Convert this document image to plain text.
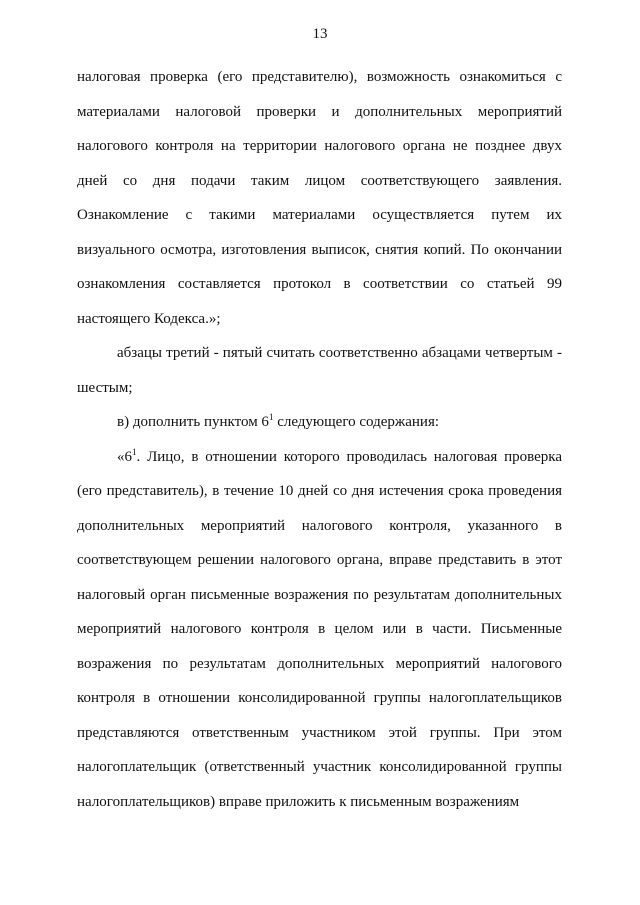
13

налоговая проверка (его представителю), возможность ознакомиться с материалами налоговой проверки и дополнительных мероприятий налогового контроля на территории налогового органа не позднее двух дней со дня подачи таким лицом соответствующего заявления. Ознакомление с такими материалами осуществляется путем их визуального осмотра, изготовления выписок, снятия копий. По окончании ознакомления составляется протокол в соответствии со статьей 99 настоящего Кодекса.»;

абзацы третий - пятый считать соответственно абзацами четвертым - шестым;

в) дополнить пунктом $6^1$ следующего содержания:

«$6^1$. Лицо, в отношении которого проводилась налоговая проверка (его представитель), в течение 10 дней со дня истечения срока проведения дополнительных мероприятий налогового контроля, указанного в соответствующем решении налогового органа, вправе представить в этот налоговый орган письменные возражения по результатам дополнительных мероприятий налогового контроля в целом или в части. Письменные возражения по результатам дополнительных мероприятий налогового контроля в отношении консолидированной группы налогоплательщиков представляются ответственным участником этой группы. При этом налогоплательщик (ответственный участник консолидированной группы налогоплательщиков) вправе приложить к письменным возражениям
